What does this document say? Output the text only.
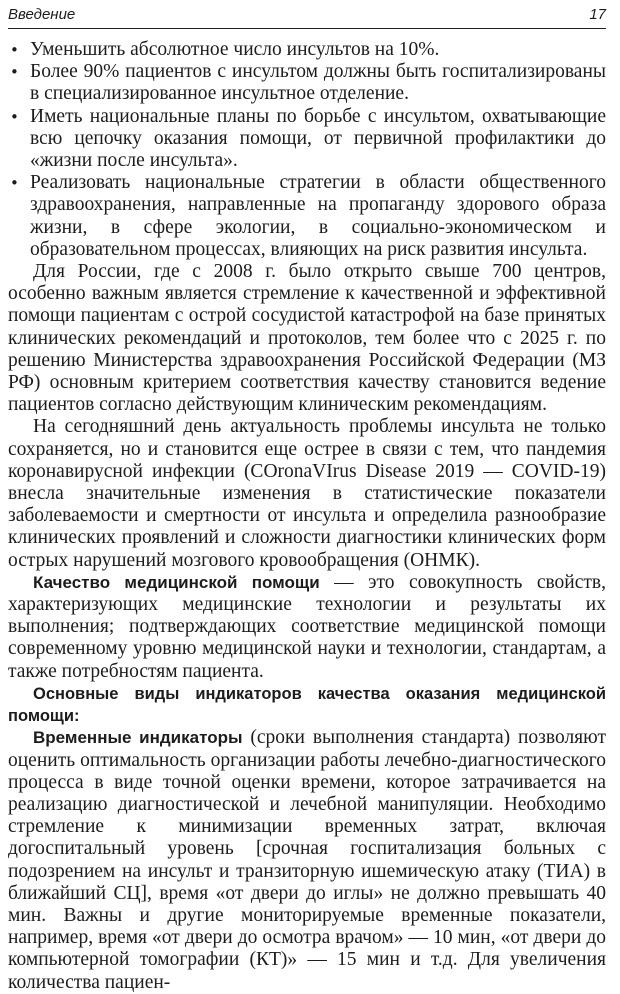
Введение	17
• Уменьшить абсолютное число инсультов на 10%.
• Более 90% пациентов с инсультом должны быть госпитализированы в специализированное инсультное отделение.
• Иметь национальные планы по борьбе с инсультом, охватывающие всю цепочку оказания помощи, от первичной профилактики до «жизни после инсульта».
• Реализовать национальные стратегии в области общественного здравоохранения, направленные на пропаганду здорового образа жизни, в сфере экологии, в социально-экономическом и образовательном процессах, влияющих на риск развития инсульта.

Для России, где с 2008 г. было открыто свыше 700 центров, особенно важным является стремление к качественной и эффективной помощи пациентам с острой сосудистой катастрофой на базе принятых клинических рекомендаций и протоколов, тем более что с 2025 г. по решению Министерства здравоохранения Российской Федерации (МЗ РФ) основным критерием соответствия качеству становится ведение пациентов согласно действующим клиническим рекомендациям.

На сегодняшний день актуальность проблемы инсульта не только сохраняется, но и становится еще острее в связи с тем, что пандемия коронавирусной инфекции (COronaVIrus Disease 2019 — COVID-19) внесла значительные изменения в статистические показатели заболеваемости и смертности от инсульта и определила разнообразие клинических проявлений и сложности диагностики клинических форм острых нарушений мозгового кровообращения (ОНМК).

Качество медицинской помощи — это совокупность свойств, характеризующих медицинские технологии и результаты их выполнения; подтверждающих соответствие медицинской помощи современному уровню медицинской науки и технологии, стандартам, а также потребностям пациента.

Основные виды индикаторов качества оказания медицинской помощи:

Временные индикаторы (сроки выполнения стандарта) позволяют оценить оптимальность организации работы лечебно-диагностического процесса в виде точной оценки времени, которое затрачивается на реализацию диагностической и лечебной манипуляции. Необходимо стремление к минимизации временных затрат, включая догоспитальный уровень [срочная госпитализация больных с подозрением на инсульт и транзиторную ишемическую атаку (ТИА) в ближайший СЦ], время «от двери до иглы» не должно превышать 40 мин. Важны и другие мониторируемые временные показатели, например, время «от двери до осмотра врачом» — 10 мин, «от двери до компьютерной томографии (КТ)» — 15 мин и т.д. Для увеличения количества пациен-
